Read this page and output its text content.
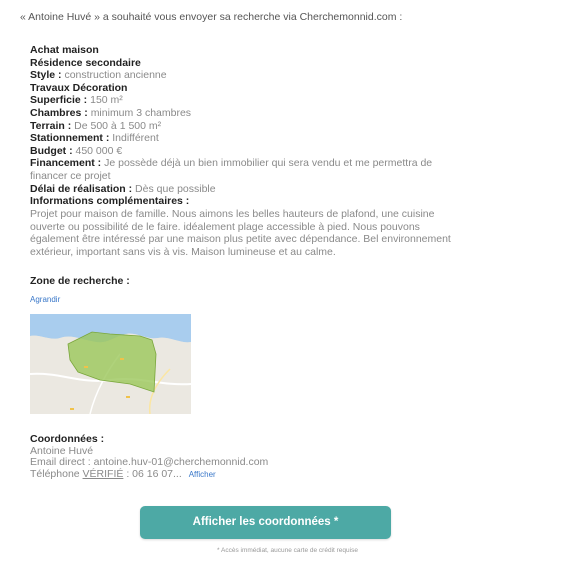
« Antoine Huvé » a souhaité vous envoyer sa recherche via Cherchemonnid.com :
Achat maison
Résidence secondaire
Style : construction ancienne
Travaux Décoration
Superficie : 150 m²
Chambres : minimum 3 chambres
Terrain : De 500 à 1 500 m²
Stationnement : Indifférent
Budget : 450 000 €
Financement : Je possède déjà un bien immobilier qui sera vendu et me permettra de
financer ce projet
Délai de réalisation : Dès que possible
Informations complémentaires :
Projet pour maison de famille. Nous aimons les belles hauteurs de plafond, une cuisine
ouverte ou possibilité de le faire. idéalement plage accessible à pied. Nous pouvons
également être intéressé par une maison plus petite avec dépendance. Bel environnement
extérieur, important sans vis à vis. Maison lumineuse et au calme.
Zone de recherche :
Agrandir
Coordonnées :
Antoine Huvé
Email direct : antoine.huv-01@cherchemonnid.com
Téléphone VÉRIFIÉ : 06 16 07... Afficher
Afficher les coordonnées *
* Accès immédiat, aucune carte de crédit requise
